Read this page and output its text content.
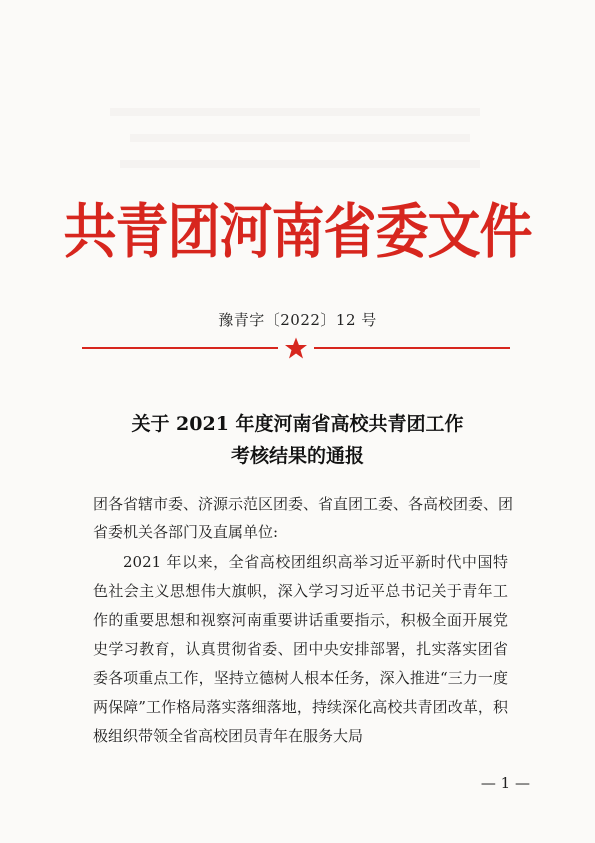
共青团河南省委文件
豫青字〔2022〕12 号
关于 2021 年度河南省高校共青团工作
考核结果的通报
团各省辖市委、济源示范区团委、省直团工委、各高校团委、团省委机关各部门及直属单位:
2021 年以来，全省高校团组织高举习近平新时代中国特色社会主义思想伟大旗帜，深入学习习近平总书记关于青年工作的重要思想和视察河南重要讲话重要指示，积极全面开展党史学习教育，认真贯彻省委、团中央安排部署，扎实落实团省委各项重点工作，坚持立德树人根本任务，深入推进“三力一度两保障”工作格局落实落细落地，持续深化高校共青团改革，积极组织带领全省高校团员青年在服务大局
— 1 —
